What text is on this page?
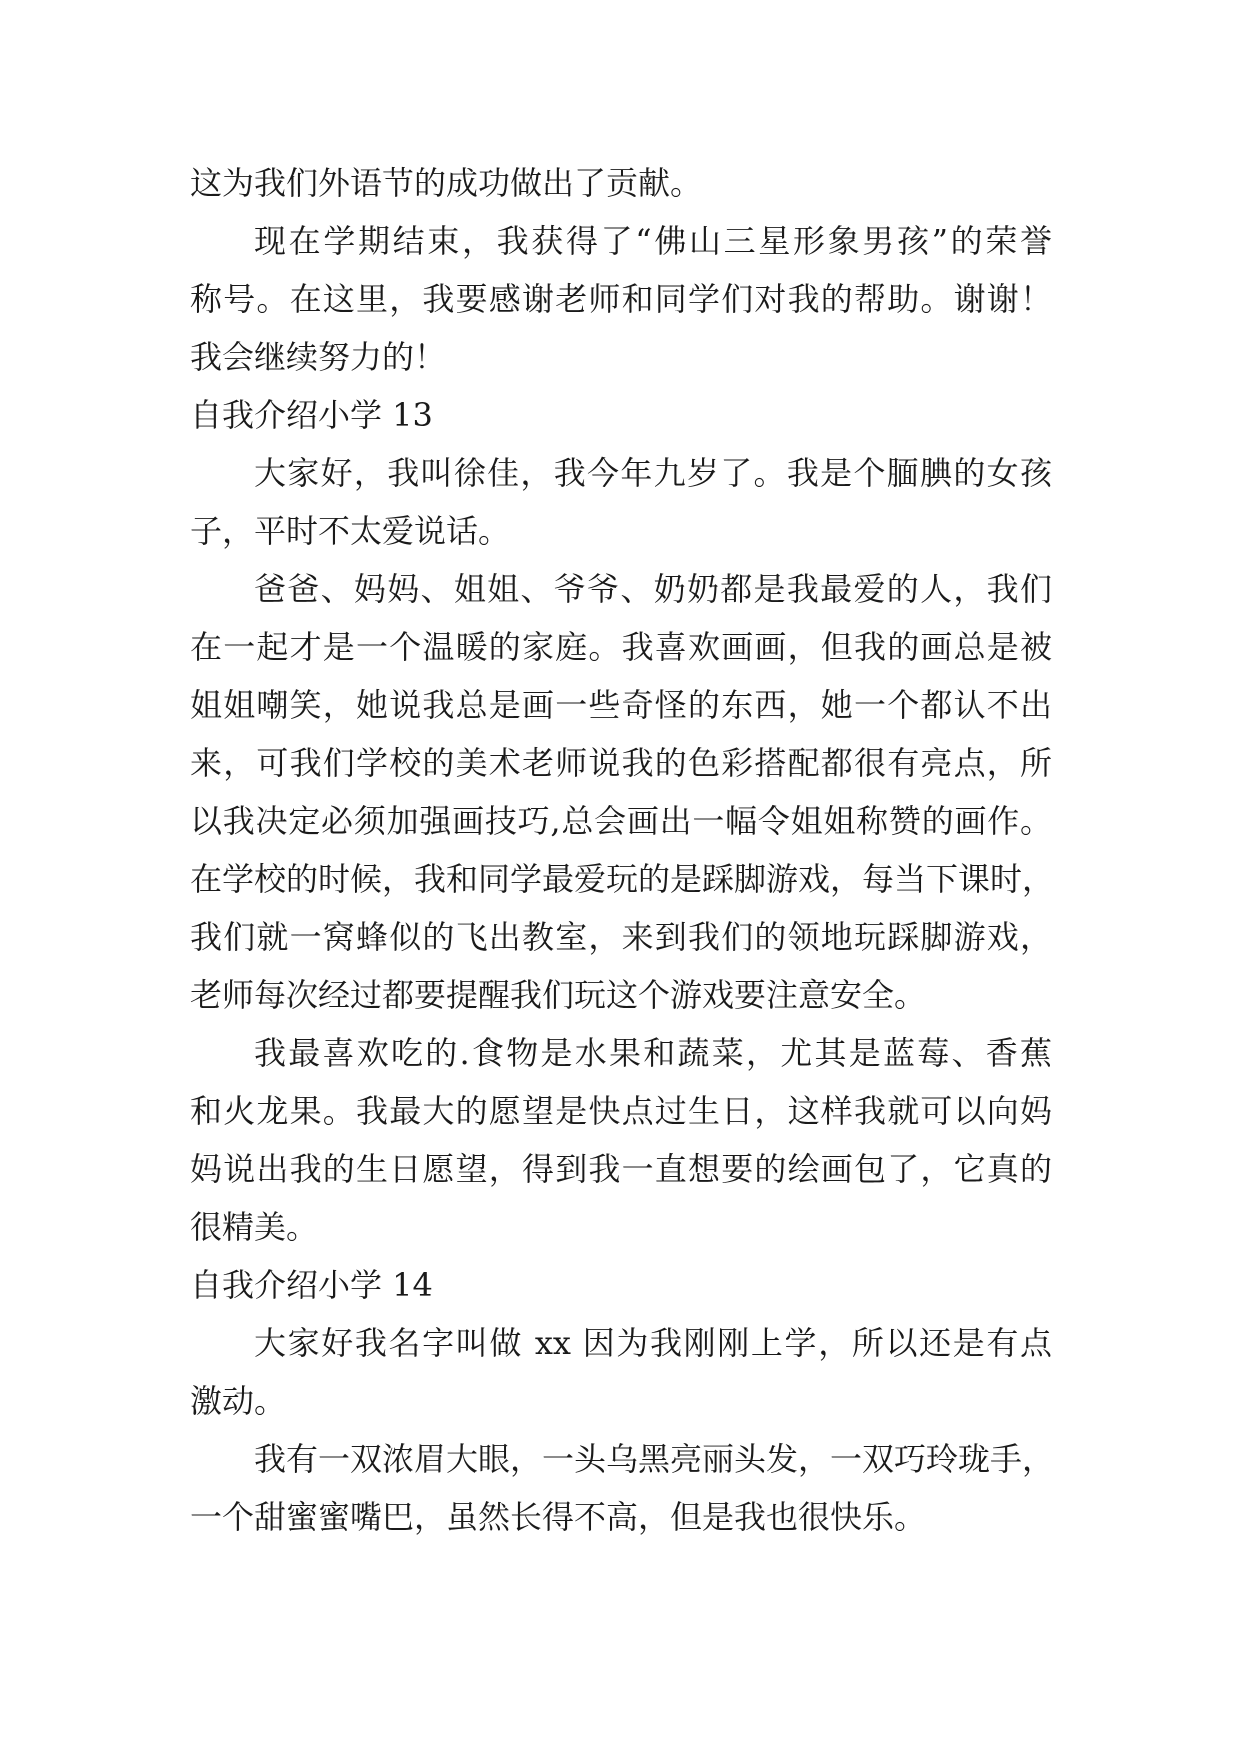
这为我们外语节的成功做出了贡献。
现在学期结束，我获得了“佛山三星形象男孩”的荣誉
称号。在这里，我要感谢老师和同学们对我的帮助。谢谢！
我会继续努力的！
自我介绍小学 13
大家好，我叫徐佳，我今年九岁了。我是个腼腆的女孩
子，平时不太爱说话。
爸爸、妈妈、姐姐、爷爷、奶奶都是我最爱的人，我们
在一起才是一个温暖的家庭。我喜欢画画，但我的画总是被
姐姐嘲笑，她说我总是画一些奇怪的东西，她一个都认不出
来，可我们学校的美术老师说我的色彩搭配都很有亮点，所
以我决定必须加强画技巧,总会画出一幅令姐姐称赞的画作。
在学校的时候，我和同学最爱玩的是踩脚游戏，每当下课时，
我们就一窝蜂似的飞出教室，来到我们的领地玩踩脚游戏，
老师每次经过都要提醒我们玩这个游戏要注意安全。
我最喜欢吃的.食物是水果和蔬菜，尤其是蓝莓、香蕉
和火龙果。我最大的愿望是快点过生日，这样我就可以向妈
妈说出我的生日愿望，得到我一直想要的绘画包了，它真的
很精美。
自我介绍小学 14
大家好我名字叫做 xx 因为我刚刚上学，所以还是有点
激动。
我有一双浓眉大眼，一头乌黑亮丽头发，一双巧玲珑手，
一个甜蜜蜜嘴巴，虽然长得不高，但是我也很快乐。
